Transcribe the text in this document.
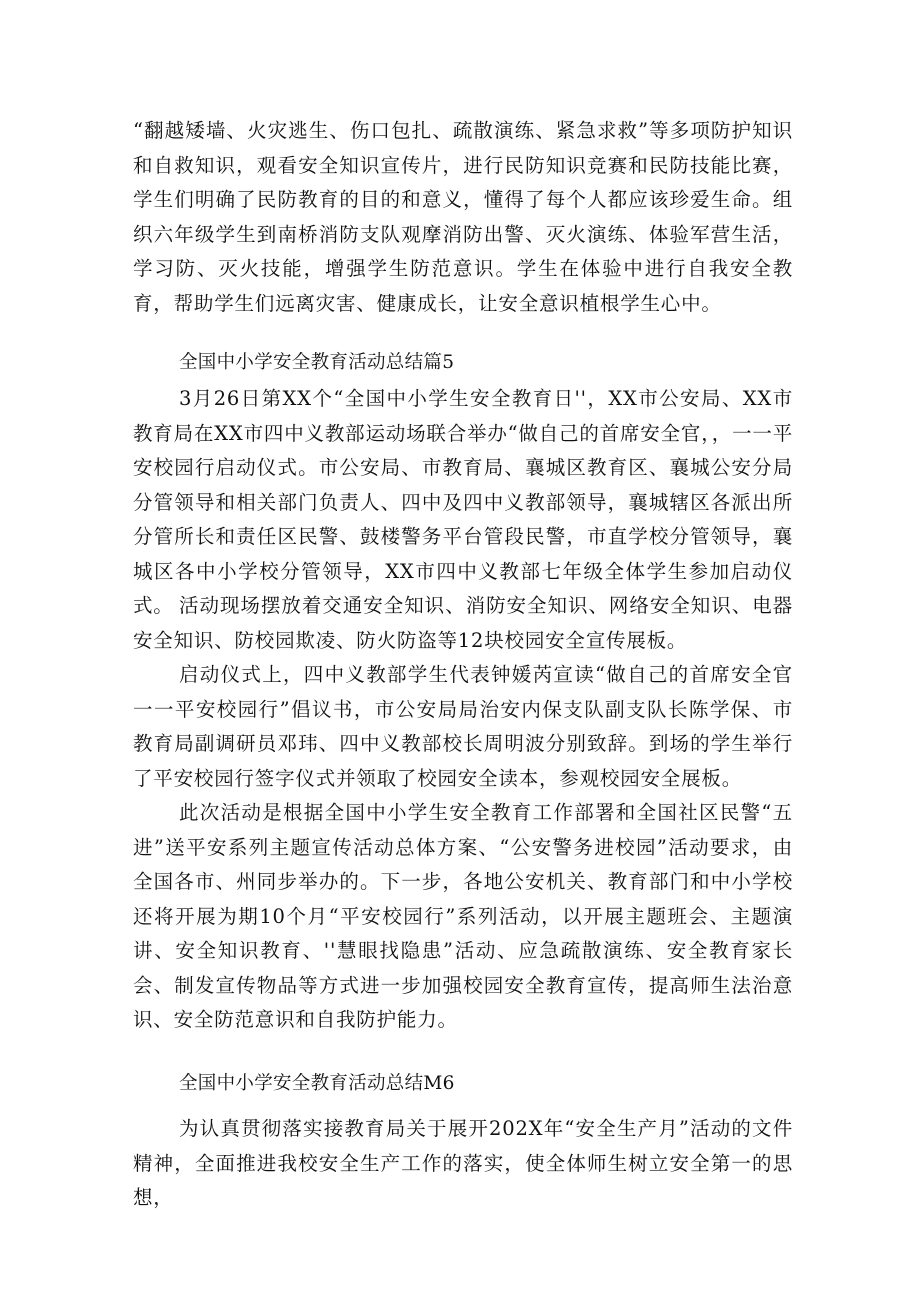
“翻越矮墙、火灾逃生、伤口包扎、疏散演练、紧急求救”等多项防护知识和自救知识，观看安全知识宣传片，进行民防知识竞赛和民防技能比赛，学生们明确了民防教育的目的和意义，懂得了每个人都应该珍爱生命。组织六年级学生到南桥消防支队观摩消防出警、灭火演练、体验军营生活，学习防、灭火技能，增强学生防范意识。学生在体验中进行自我安全教育，帮助学生们远离灾害、健康成长，让安全意识植根学生心中。

全国中小学安全教育活动总结篇5

3月26日第XX个“全国中小学生安全教育日''，XX市公安局、XX市教育局在XX市四中义教部运动场联合举办“做自己的首席安全官，，一一平安校园行启动仪式。市公安局、市教育局、襄城区教育区、襄城公安分局分管领导和相关部门负责人、四中及四中义教部领导，襄城辖区各派出所分管所长和责任区民警、鼓楼警务平台管段民警，市直学校分管领导，襄城区各中小学校分管领导，XX市四中义教部七年级全体学生参加启动仪式。 活动现场摆放着交通安全知识、消防安全知识、网络安全知识、电器安全知识、防校园欺凌、防火防盗等12块校园安全宣传展板。

启动仪式上，四中义教部学生代表钟媛芮宣读“做自己的首席安全官一一平安校园行”倡议书，市公安局局治安内保支队副支队长陈学保、市教育局副调研员邓玮、四中义教部校长周明波分别致辞。到场的学生举行了平安校园行签字仪式并领取了校园安全读本，参观校园安全展板。

此次活动是根据全国中小学生安全教育工作部署和全国社区民警“五进”送平安系列主题宣传活动总体方案、“公安警务进校园”活动要求，由全国各市、州同步举办的。下一步，各地公安机关、教育部门和中小学校还将开展为期10个月“平安校园行”系列活动，以开展主题班会、主题演讲、安全知识教育、''慧眼找隐患”活动、应急疏散演练、安全教育家长会、制发宣传物品等方式进一步加强校园安全教育宣传，提高师生法治意识、安全防范意识和自我防护能力。

全国中小学安全教育活动总结M6

为认真贯彻落实接教育局关于展开202X年“安全生产月”活动的文件精神，全面推进我校安全生产工作的落实，使全体师生树立安全第一的思想，
